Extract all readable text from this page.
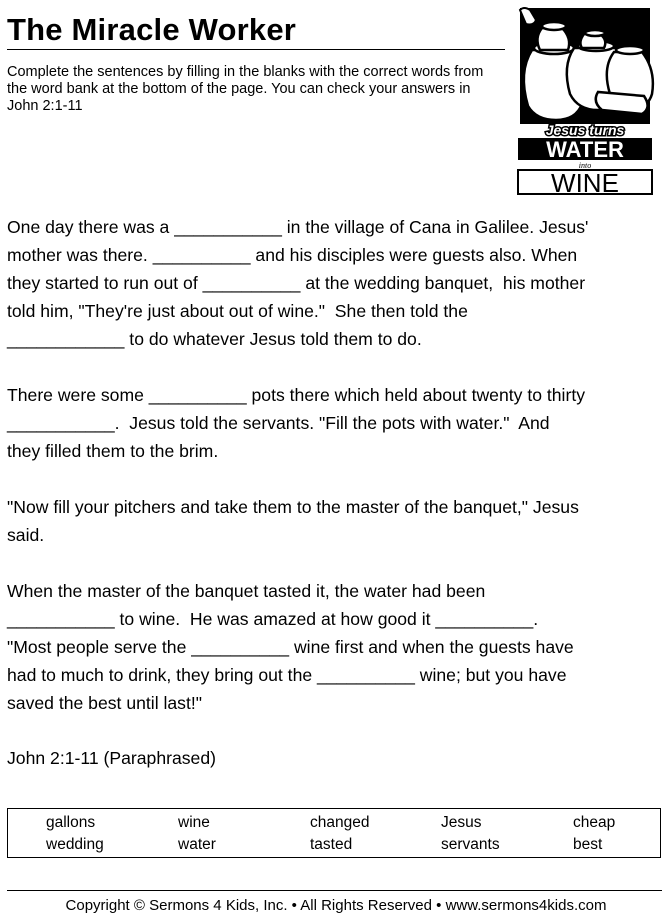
The Miracle Worker
Complete the sentences by filling in the blanks with the correct words from the word bank at the bottom of the page. You can check your answers in John 2:1-11
Jesus turns
WATER
into
WINE

One day there was a ___________ in the village of Cana in Galilee. Jesus'

mother was there. __________ and his disciples were guests also. When

they started to run out of __________ at the wedding banquet,  his mother

told him, "They're just about out of wine."  She then told the

____________ to do whatever Jesus told them to do.

There were some __________ pots there which held about twenty to thirty

___________.  Jesus told the servants. "Fill the pots with water."  And

they filled them to the brim.

"Now fill your pitchers and take them to the master of the banquet," Jesus

said.

When the master of the banquet tasted it, the water had been

___________ to wine.  He was amazed at how good it __________.

"Most people serve the __________ wine first and when the guests have

had to much to drink, they bring out the __________ wine; but you have

saved the best until last!"

John 2:1-11 (Paraphrased)
gallons	wine	changed	Jesus	cheap
wedding	water	tasted	servants	best
Copyright © Sermons 4 Kids, Inc. • All Rights Reserved • www.sermons4kids.com
